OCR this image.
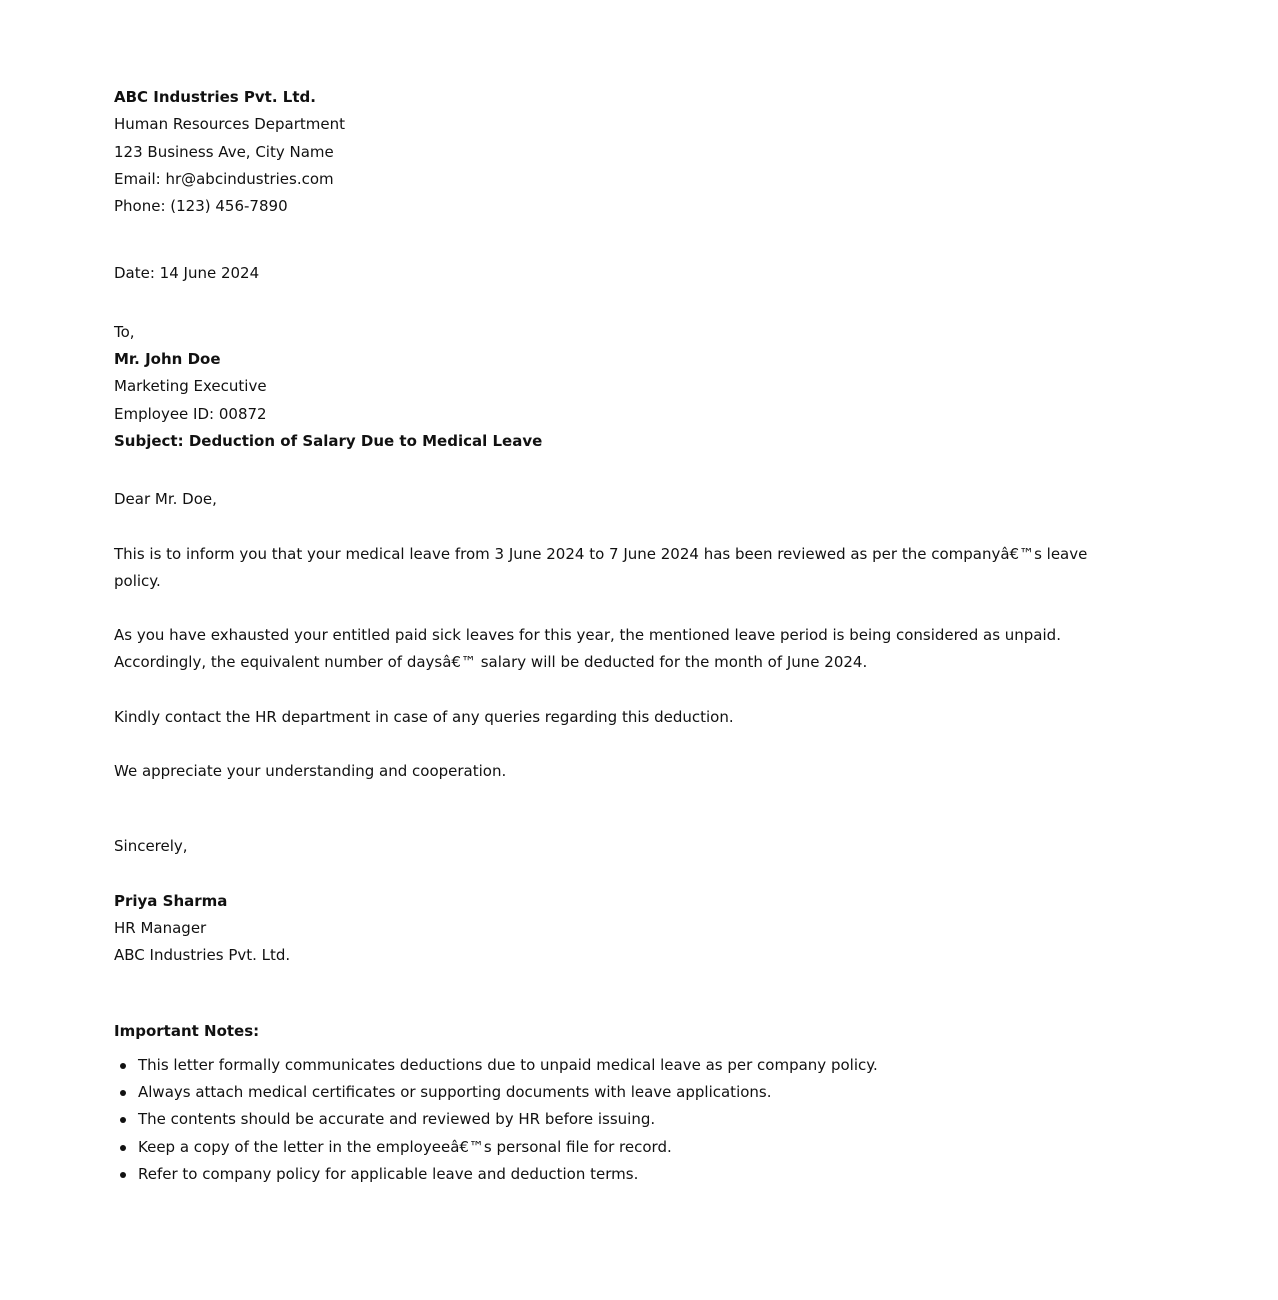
ABC Industries Pvt. Ltd.
Human Resources Department
123 Business Ave, City Name
Email: hr@abcindustries.com
Phone: (123) 456-7890
Date: 14 June 2024
To,
Mr. John Doe
Marketing Executive
Employee ID: 00872
Subject: Deduction of Salary Due to Medical Leave
Dear Mr. Doe,

This is to inform you that your medical leave from 3 June 2024 to 7 June 2024 has been reviewed as per the companyâ€™s leave policy.

As you have exhausted your entitled paid sick leaves for this year, the mentioned leave period is being considered as unpaid. Accordingly, the equivalent number of daysâ€™ salary will be deducted for the month of June 2024.

Kindly contact the HR department in case of any queries regarding this deduction.

We appreciate your understanding and cooperation.

Sincerely,
Priya Sharma
HR Manager
ABC Industries Pvt. Ltd.
Important Notes:
This letter formally communicates deductions due to unpaid medical leave as per company policy.
Always attach medical certificates or supporting documents with leave applications.
The contents should be accurate and reviewed by HR before issuing.
Keep a copy of the letter in the employeeâ€™s personal file for record.
Refer to company policy for applicable leave and deduction terms.
